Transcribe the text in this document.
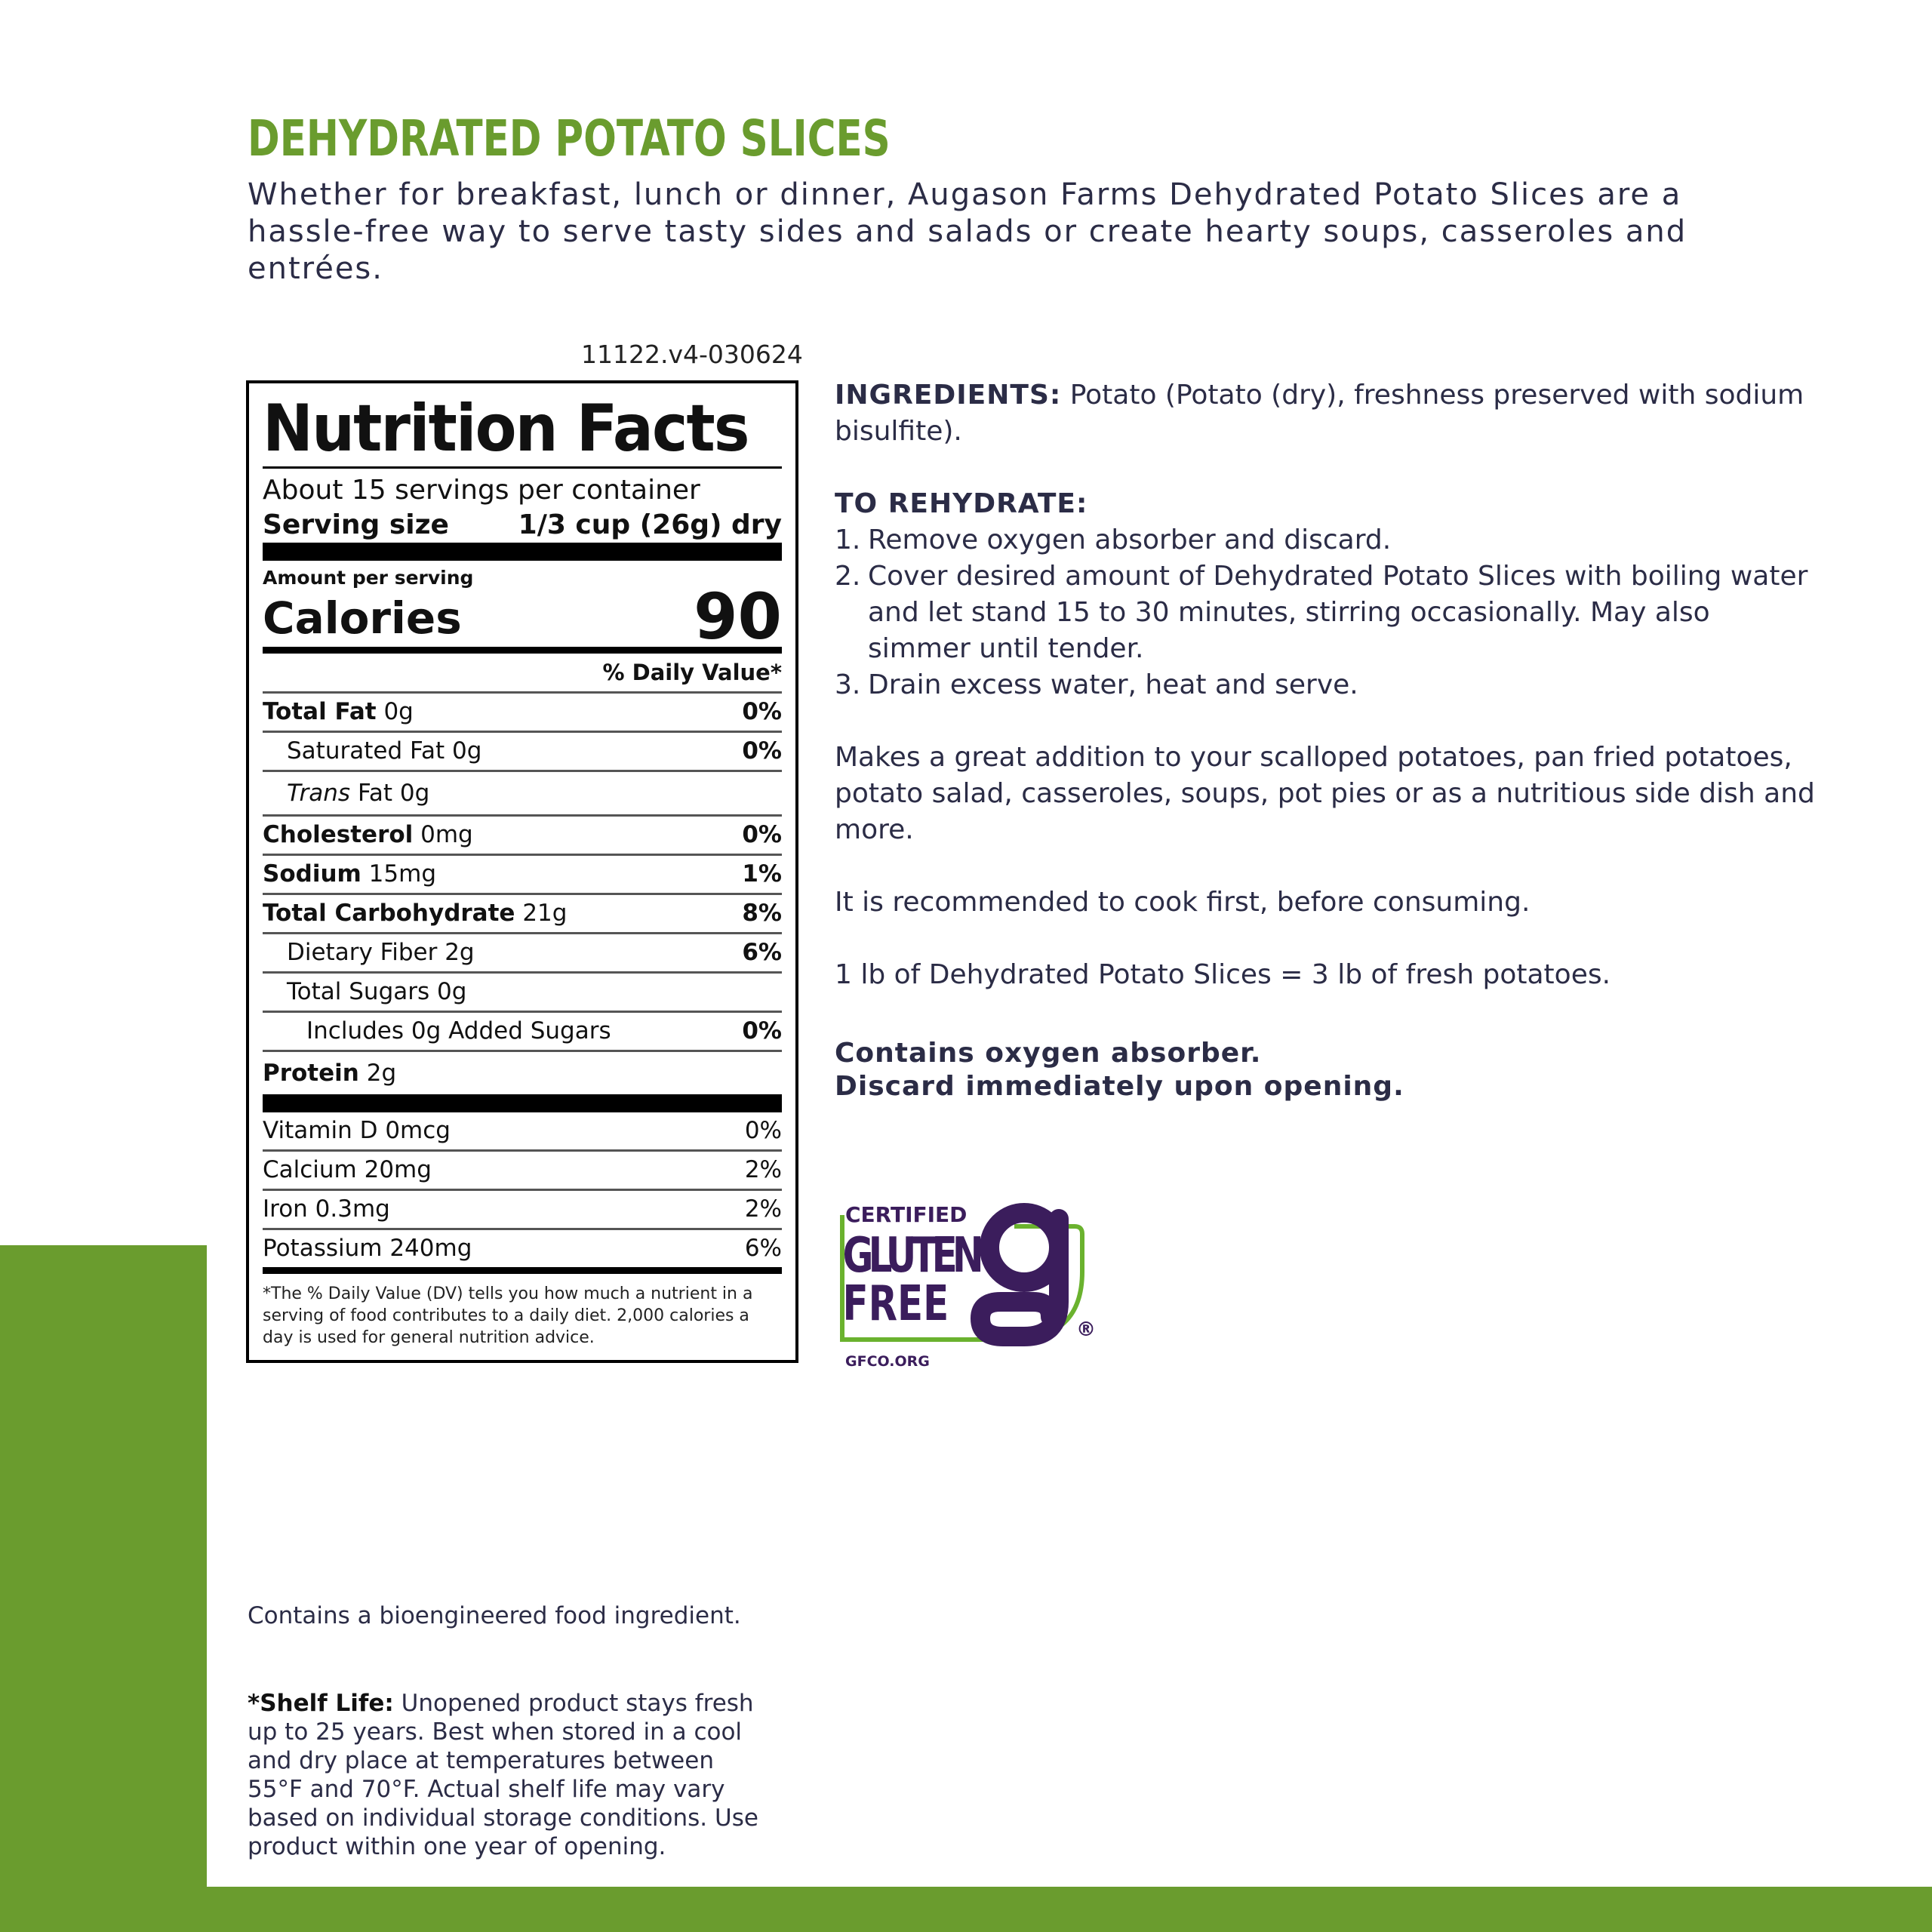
DEHYDRATED POTATO SLICES

Whether for breakfast, lunch or dinner, Augason Farms Dehydrated Potato Slices are a hassle-free way to serve tasty sides and salads or create hearty soups, casseroles and entrées.

11122.v4-030624
Nutrition Facts
About 15 servings per container
Serving size	1/3 cup (26g) dry
Amount per serving
Calories	90
% Daily Value*
Total Fat 0g	0%
Saturated Fat 0g	0%
Trans Fat 0g
Cholesterol 0mg	0%
Sodium 15mg	1%
Total Carbohydrate 21g	8%
Dietary Fiber 2g	6%
Total Sugars 0g
Includes 0g Added Sugars	0%
Protein 2g
Vitamin D 0mcg	0%
Calcium 20mg	2%
Iron 0.3mg	2%
Potassium 240mg	6%
*The % Daily Value (DV) tells you how much a nutrient in a serving of food contributes to a daily diet. 2,000 calories a day is used for general nutrition advice.

INGREDIENTS: Potato (Potato (dry), freshness preserved with sodium bisulfite).

TO REHYDRATE:

1. Remove oxygen absorber and discard.
2. Cover desired amount of Dehydrated Potato Slices with boiling water and let stand 15 to 30 minutes, stirring occasionally. May also simmer until tender.
3. Drain excess water, heat and serve.

Makes a great addition to your scalloped potatoes, pan fried potatoes, potato salad, casseroles, soups, pot pies or as a nutritious side dish and more.

It is recommended to cook first, before consuming.

1 lb of Dehydrated Potato Slices = 3 lb of fresh potatoes.

Contains oxygen absorber.

Discard immediately upon opening.

CERTIFIED
GLUTEN
FREE	®
GFCO.ORG
Contains a bioengineered food ingredient.

*Shelf Life: Unopened product stays fresh up to 25 years. Best when stored in a cool and dry place at temperatures between 55°F and 70°F. Actual shelf life may vary based on individual storage conditions. Use product within one year of opening.
